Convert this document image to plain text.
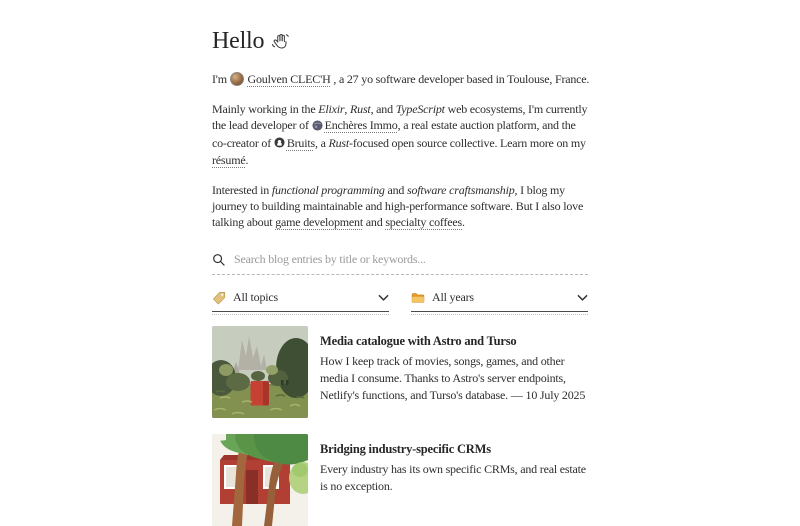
Hello

I'm  Goulven CLEC'H , a 27 yo software developer based in Toulouse, France.

Mainly working in the Elixir, Rust, and TypeScript web ecosystems, I'm currently the lead developer of Enchères Immo, a real estate auction platform, and the co-creator of Bruits, a Rust-focused open source collective. Learn more on my résumé.

Interested in functional programming and software craftsmanship, I blog my journey to building maintainable and high-performance software. But I also love talking about game development and specialty coffees.

Search blog entries by title or keywords...
All topics	All years
Media catalogue with Astro and Turso
How I keep track of movies, songs, games, and other media I consume. Thanks to Astro's server endpoints, Netlify's functions, and Turso's database. — 10 July 2025
Bridging industry-specific CRMs
Every industry has its own specific CRMs, and real estate is no exception.
